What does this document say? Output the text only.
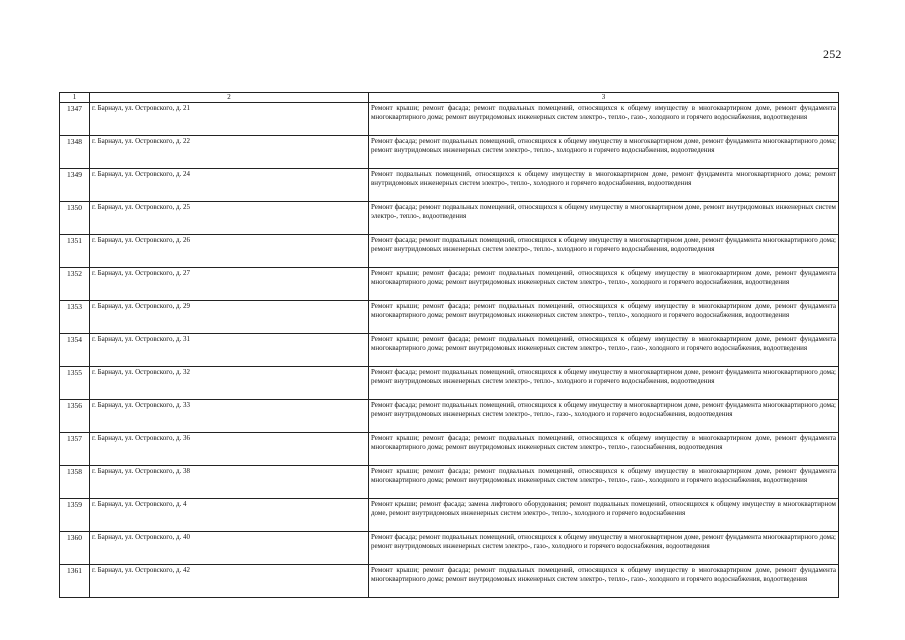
252
1	2	3
1347	г. Барнаул, ул. Островского, д. 21	Ремонт крыши; ремонт фасада; ремонт подвальных помещений, относящихся к общему имуществу в многоквартирном доме, ремонт фундамента многоквартирного дома; ремонт внутридомовых инженерных систем электро-, тепло-, газо-, холодного и горячего водоснабжения, водоотведения
1348	г. Барнаул, ул. Островского, д. 22	Ремонт фасада; ремонт подвальных помещений, относящихся к общему имуществу в многоквартирном доме, ремонт фундамента многоквартирного дома; ремонт внутридомовых инженерных систем электро-, тепло-, холодного и горячего водоснабжения, водоотведения
1349	г. Барнаул, ул. Островского, д. 24	Ремонт подвальных помещений, относящихся к общему имуществу в многоквартирном доме, ремонт фундамента многоквартирного дома; ремонт внутридомовых инженерных систем электро-, тепло-, холодного и горячего водоснабжения, водоотведения
1350	г. Барнаул, ул. Островского, д. 25	Ремонт фасада; ремонт подвальных помещений, относящихся к общему имуществу в многоквартирном доме, ремонт внутридомовых инженерных систем электро-, тепло-, водоотведения
1351	г. Барнаул, ул. Островского, д. 26	Ремонт фасада; ремонт подвальных помещений, относящихся к общему имуществу в многоквартирном доме, ремонт фундамента многоквартирного дома; ремонт внутридомовых инженерных систем электро-, тепло-, холодного и горячего водоснабжения, водоотведения
1352	г. Барнаул, ул. Островского, д. 27	Ремонт крыши; ремонт фасада; ремонт подвальных помещений, относящихся к общему имуществу в многоквартирном доме, ремонт фундамента многоквартирного дома; ремонт внутридомовых инженерных систем электро-, тепло-, холодного и горячего водоснабжения, водоотведения
1353	г. Барнаул, ул. Островского, д. 29	Ремонт крыши; ремонт фасада; ремонт подвальных помещений, относящихся к общему имуществу в многоквартирном доме, ремонт фундамента многоквартирного дома; ремонт внутридомовых инженерных систем электро-, тепло-, холодного и горячего водоснабжения, водоотведения
1354	г. Барнаул, ул. Островского, д. 31	Ремонт крыши; ремонт фасада; ремонт подвальных помещений, относящихся к общему имуществу в многоквартирном доме, ремонт фундамента многоквартирного дома; ремонт внутридомовых инженерных систем электро-, тепло-, газо-, холодного и горячего водоснабжения, водоотведения
1355	г. Барнаул, ул. Островского, д. 32	Ремонт фасада; ремонт подвальных помещений, относящихся к общему имуществу в многоквартирном доме, ремонт фундамента многоквартирного дома; ремонт внутридомовых инженерных систем электро-, тепло-, холодного и горячего водоснабжения, водоотведения
1356	г. Барнаул, ул. Островского, д. 33	Ремонт фасада; ремонт подвальных помещений, относящихся к общему имуществу в многоквартирном доме, ремонт фундамента многоквартирного дома; ремонт внутридомовых инженерных систем электро-, тепло-, газо-, холодного и горячего водоснабжения, водоотведения
1357	г. Барнаул, ул. Островского, д. 36	Ремонт крыши; ремонт фасада; ремонт подвальных помещений, относящихся к общему имуществу в многоквартирном доме, ремонт фундамента многоквартирного дома; ремонт внутридомовых инженерных систем электро-, тепло-, газоснабжения, водоотведения
1358	г. Барнаул, ул. Островского, д. 38	Ремонт крыши; ремонт фасада; ремонт подвальных помещений, относящихся к общему имуществу в многоквартирном доме, ремонт фундамента многоквартирного дома; ремонт внутридомовых инженерных систем электро-, тепло-, газо-, холодного и горячего водоснабжения, водоотведения
1359	г. Барнаул, ул. Островского, д. 4	Ремонт крыши; ремонт фасада; замена лифтового оборудования; ремонт подвальных помещений, относящихся к общему имуществу в многоквартирном доме, ремонт внутридомовых инженерных систем электро-, тепло-, холодного и горячего водоснабжения
1360	г. Барнаул, ул. Островского, д. 40	Ремонт фасада; ремонт подвальных помещений, относящихся к общему имуществу в многоквартирном доме, ремонт фундамента многоквартирного дома; ремонт внутридомовых инженерных систем электро-, газо-, холодного и горячего водоснабжения, водоотведения
1361	г. Барнаул, ул. Островского, д. 42	Ремонт крыши; ремонт фасада; ремонт подвальных помещений, относящихся к общему имуществу в многоквартирном доме, ремонт фундамента многоквартирного дома; ремонт внутридомовых инженерных систем электро-, тепло-, газо-, холодного и горячего водоснабжения, водоотведения
